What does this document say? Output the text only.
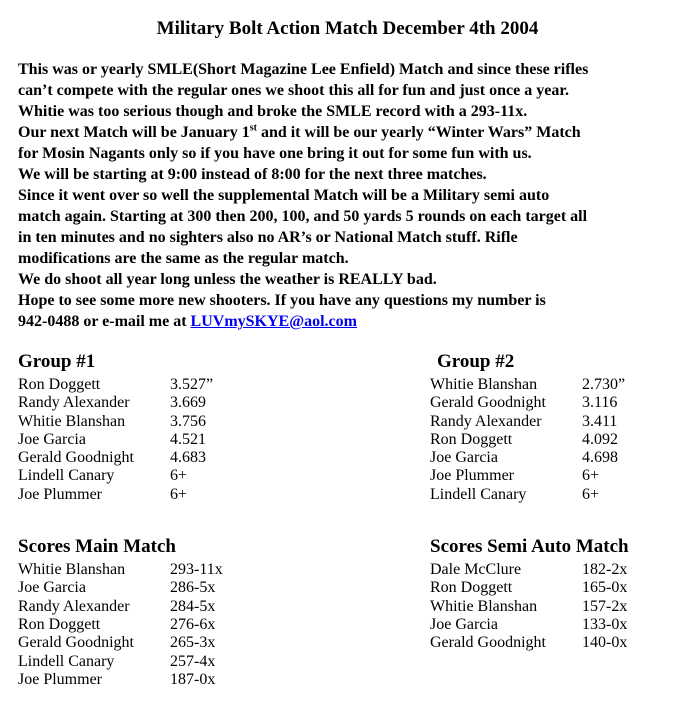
Military Bolt Action Match December 4th 2004
This was or yearly SMLE(Short Magazine Lee Enfield) Match and since these rifles
can’t compete with the regular ones we shoot this all for fun and just once a year.
Whitie was too serious though and broke the SMLE record with a 293-11x.
Our next Match will be January 1st and it will be our yearly “Winter Wars” Match
for Mosin Nagants only so if you have one bring it out for some fun with us.
We will be starting at 9:00 instead of 8:00 for the next three matches.
Since it went over so well the supplemental Match will be a Military semi auto
match again. Starting at 300 then 200, 100, and 50 yards 5 rounds on each target all
in ten minutes and no sighters also no AR’s or National Match stuff. Rifle
modifications are the same as the regular match.
We do shoot all year long unless the weather is REALLY bad.
Hope to see some more new shooters. If you have any questions my number is
942-0488 or e-mail me at LUVmySKYE@aol.com
Group #1
Ron Doggett	3.527”
Randy Alexander	3.669
Whitie Blanshan	3.756
Joe Garcia	4.521
Gerald Goodnight	4.683
Lindell Canary	6+
Joe Plummer	6+
Group #2
Whitie Blanshan	2.730”
Gerald Goodnight	3.116
Randy Alexander	3.411
Ron Doggett	4.092
Joe Garcia	4.698
Joe Plummer	6+
Lindell Canary	6+
Scores Main Match
Whitie Blanshan	293-11x
Joe Garcia	286-5x
Randy Alexander	284-5x
Ron Doggett	276-6x
Gerald Goodnight	265-3x
Lindell Canary	257-4x
Joe Plummer	187-0x
Scores Semi Auto Match
Dale McClure	182-2x
Ron Doggett	165-0x
Whitie Blanshan	157-2x
Joe Garcia	133-0x
Gerald Goodnight	140-0x
